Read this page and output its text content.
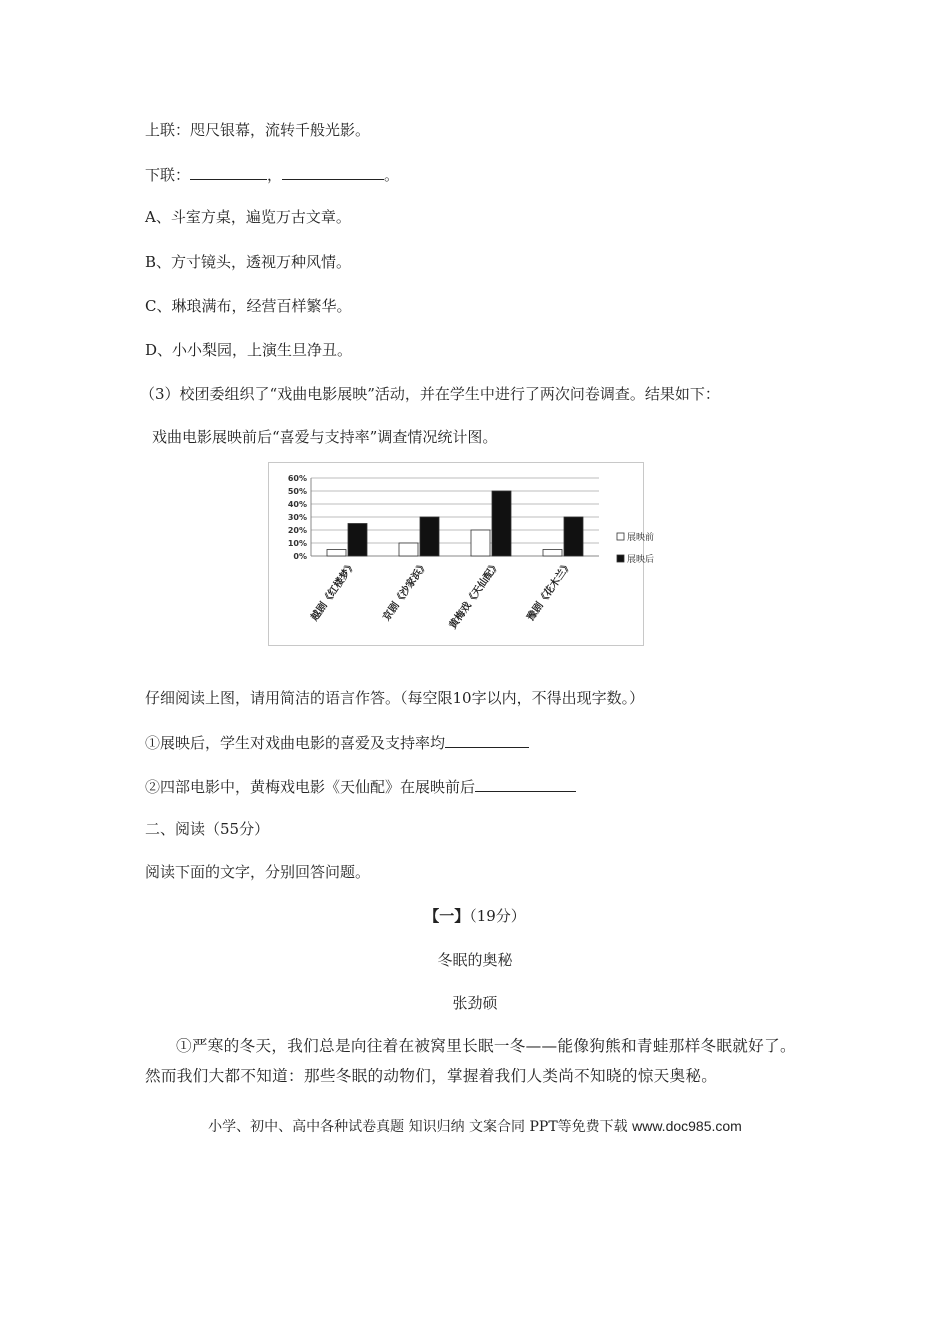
上联：咫尺银幕，流转千般光影。
下联：	，	。
A、斗室方桌，遍览万古文章。
B、方寸镜头，透视万种风情。
C、琳琅满布，经营百样繁华。
D、小小梨园，上演生旦净丑。
（3）校团委组织了“戏曲电影展映”活动，并在学生中进行了两次问卷调查。结果如下：
戏曲电影展映前后“喜爱与支持率”调查情况统计图。
0%
10%
20%
30%
40%
50%
60%
越剧《红楼梦》 京剧《沙家浜》 黄梅戏《天仙配》 豫剧《花木兰》
展映前
展映后
仔细阅读上图，请用简洁的语言作答。（每空限10字以内，不得出现字数。）
①展映后，学生对戏曲电影的喜爱及支持率均
②四部电影中，黄梅戏电影《天仙配》在展映前后
二、阅读（55分）
阅读下面的文字，分别回答问题。
【一】（19分）
冬眠的奥秘
张劲硕
①严寒的冬天，我们总是向往着在被窝里长眠一冬——能像狗熊和青蛙那样冬眠就好了。然而我们大都不知道：那些冬眠的动物们，掌握着我们人类尚不知晓的惊天奥秘。
小学、初中、高中各种试卷真题 知识归纳 文案合同 PPT等免费下载 www.doc985.com
